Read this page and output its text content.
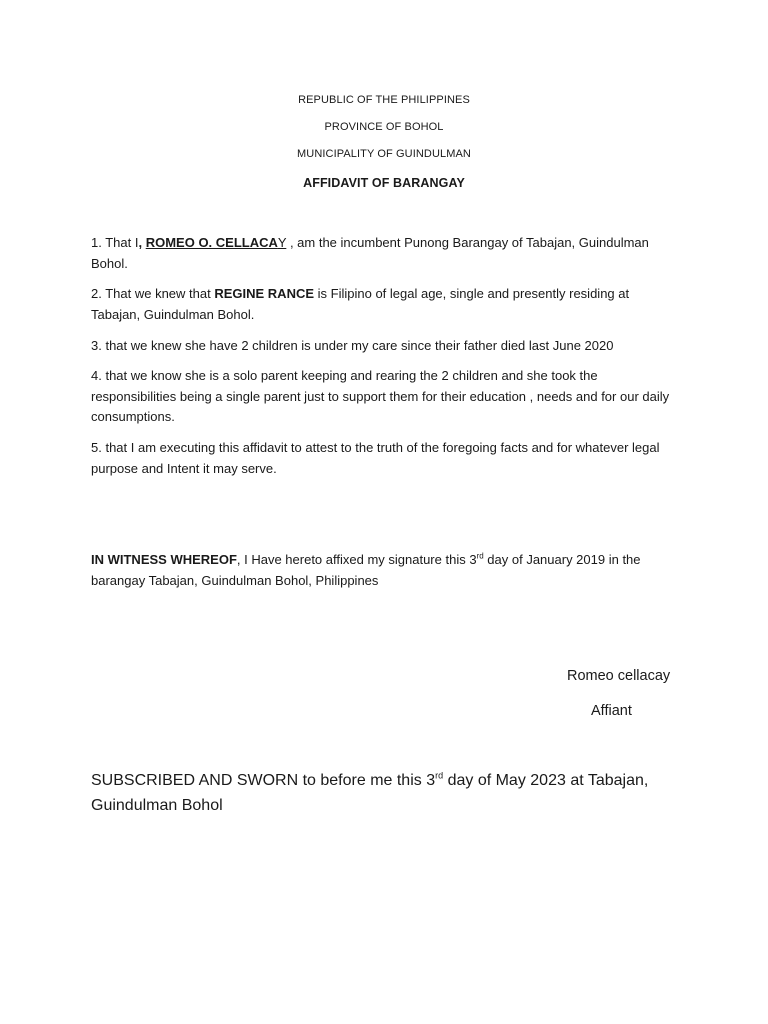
REPUBLIC OF THE PHILIPPINES
PROVINCE OF BOHOL
MUNICIPALITY OF GUINDULMAN
AFFIDAVIT OF BARANGAY
1. That I, ROMEO O. CELLACAY , am the incumbent Punong Barangay of Tabajan, Guindulman Bohol.
2. That we knew that REGINE RANCE is Filipino of legal age, single and presently residing at Tabajan, Guindulman Bohol.
3. that we knew she have 2 children is under my care since their father died last June 2020
4. that we know she is a solo parent keeping and rearing the 2 children and she took the responsibilities being a single parent just to support them for their education , needs and for our daily consumptions.
5. that I am executing this affidavit to attest to the truth of the foregoing facts and for whatever legal purpose and Intent it may serve.
IN WITNESS WHEREOF, I Have hereto affixed my signature this 3rd day of January 2019 in the barangay Tabajan, Guindulman Bohol, Philippines
Romeo cellacay
Affiant
SUBSCRIBED AND SWORN to before me this 3rd day of May 2023 at Tabajan, Guindulman Bohol
